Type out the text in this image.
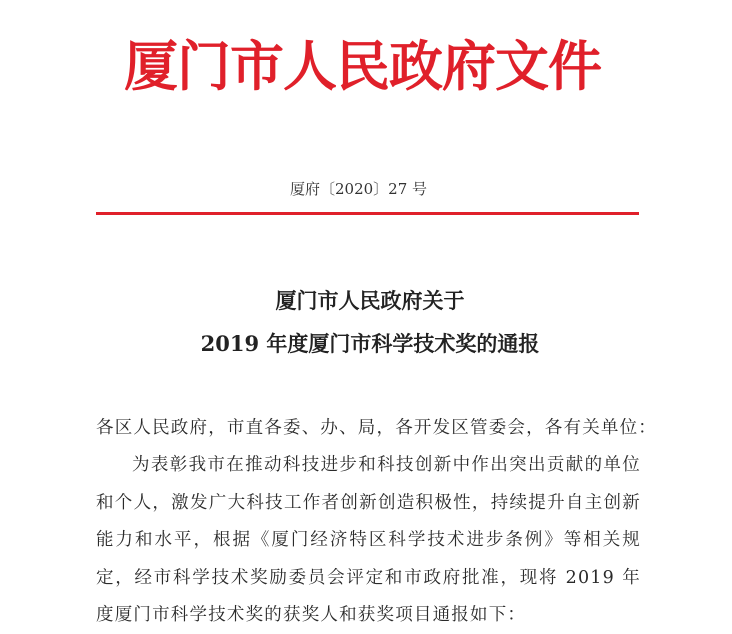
厦门市人民政府文件
厦府〔2020〕27 号
厦门市人民政府关于
2019 年度厦门市科学技术奖的通报
各区人民政府，市直各委、办、局，各开发区管委会，各有关单位：
为表彰我市在推动科技进步和科技创新中作出突出贡献的单位和个人，激发广大科技工作者创新创造积极性，持续提升自主创新能力和水平，根据《厦门经济特区科学技术进步条例》等相关规定，经市科学技术奖励委员会评定和市政府批准，现将 2019 年度厦门市科学技术奖的获奖人和获奖项目通报如下：
